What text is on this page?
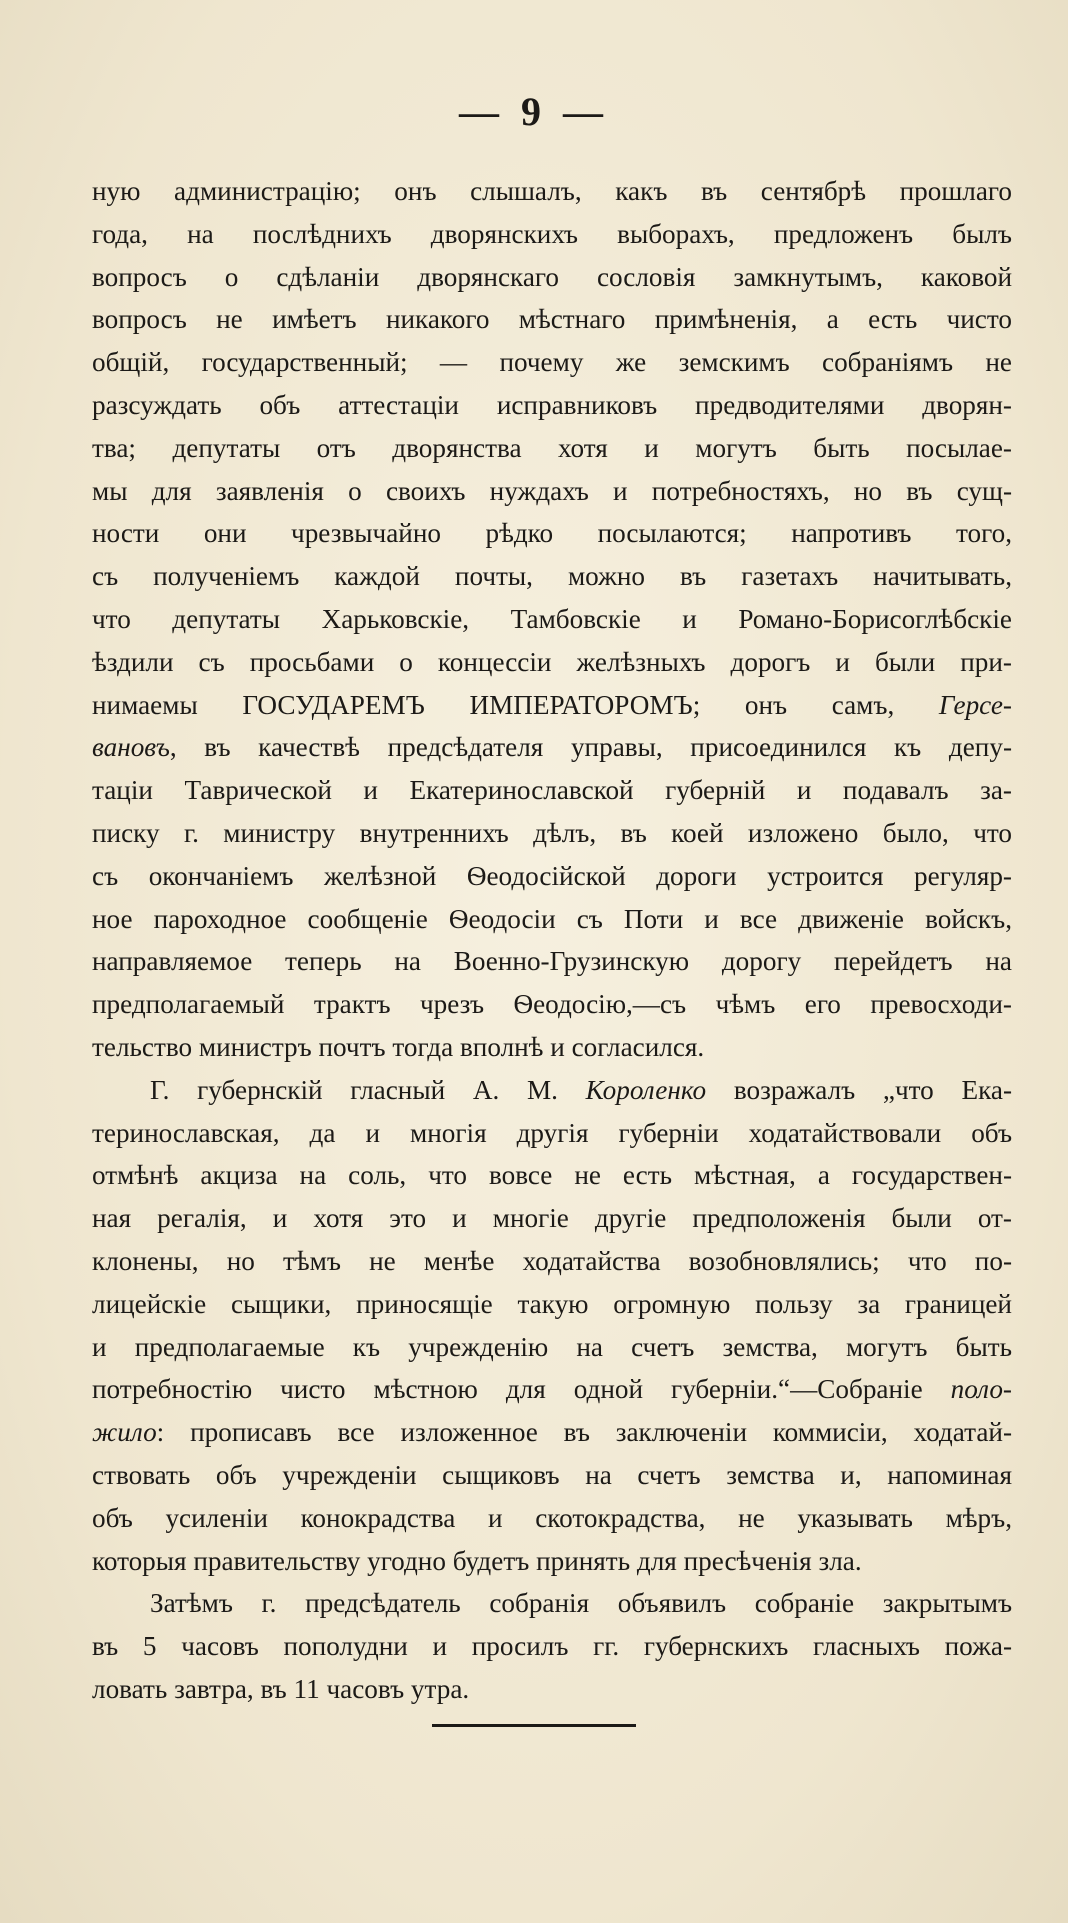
— 9 —
ную администрацію; онъ слышалъ, какъ въ сентябрѣ прошлаго
года, на послѣднихъ дворянскихъ выборахъ, предложенъ былъ
вопросъ о сдѣланіи дворянскаго сословія замкнутымъ, каковой
вопросъ не имѣетъ никакого мѣстнаго примѣненія, а есть чисто
общій, государственный; — почему же земскимъ собраніямъ не
разсуждать объ аттестаціи исправниковъ предводителями дворян-
тва; депутаты отъ дворянства хотя и могутъ быть посылае-
мы для заявленія о своихъ нуждахъ и потребностяхъ, но въ сущ-
ности они чрезвычайно рѣдко посылаются; напротивъ того,
съ полученіемъ каждой почты, можно въ газетахъ начитывать,
что депутаты Харьковскіе, Тамбовскіе и Романо-Борисоглѣбскіе
ѣздили съ просьбами о концессіи желѣзныхъ дорогъ и были при-
нимаемы ГОСУДАРЕМЪ ИМПЕРАТОРОМЪ; онъ самъ, Герсе-
вановъ, въ качествѣ предсѣдателя управы, присоединился къ депу-
таціи Таврической и Екатеринославской губерній и подавалъ за-
писку г. министру внутреннихъ дѣлъ, въ коей изложено было, что
съ окончаніемъ желѣзной Ѳеодосійской дороги устроится регуляр-
ное пароходное сообщеніе Ѳеодосіи съ Поти и все движеніе войскъ,
направляемое теперь на Военно-Грузинскую дорогу перейдетъ на
предполагаемый трактъ чрезъ Ѳеодосію,—съ чѣмъ его превосходи-
тельство министръ почтъ тогда вполнѣ и согласился.
Г. губернскій гласный А. М. Короленко возражалъ „что Ека-
теринославская, да и многія другія губерніи ходатайствовали объ
отмѣнѣ акциза на соль, что вовсе не есть мѣстная, а государствен-
ная регалія, и хотя это и многіе другіе предположенія были от-
клонены, но тѣмъ не менѣе ходатайства возобновлялись; что по-
лицейскіе сыщики, приносящіе такую огромную пользу за границей
и предполагаемые къ учрежденію на счетъ земства, могутъ быть
потребностію чисто мѣстною для одной губерніи.“—Собраніе поло-
жило: прописавъ все изложенное въ заключеніи коммисіи, ходатай-
ствовать объ учрежденіи сыщиковъ на счетъ земства и, напоминая
объ усиленіи конокрадства и скотокрадства, не указывать мѣръ,
которыя правительству угодно будетъ принять для пресѣченія зла.
Затѣмъ г. предсѣдатель собранія объявилъ собраніе закрытымъ
въ 5 часовъ пополудни и просилъ гг. губернскихъ гласныхъ пожа-
ловать завтра, въ 11 часовъ утра.
